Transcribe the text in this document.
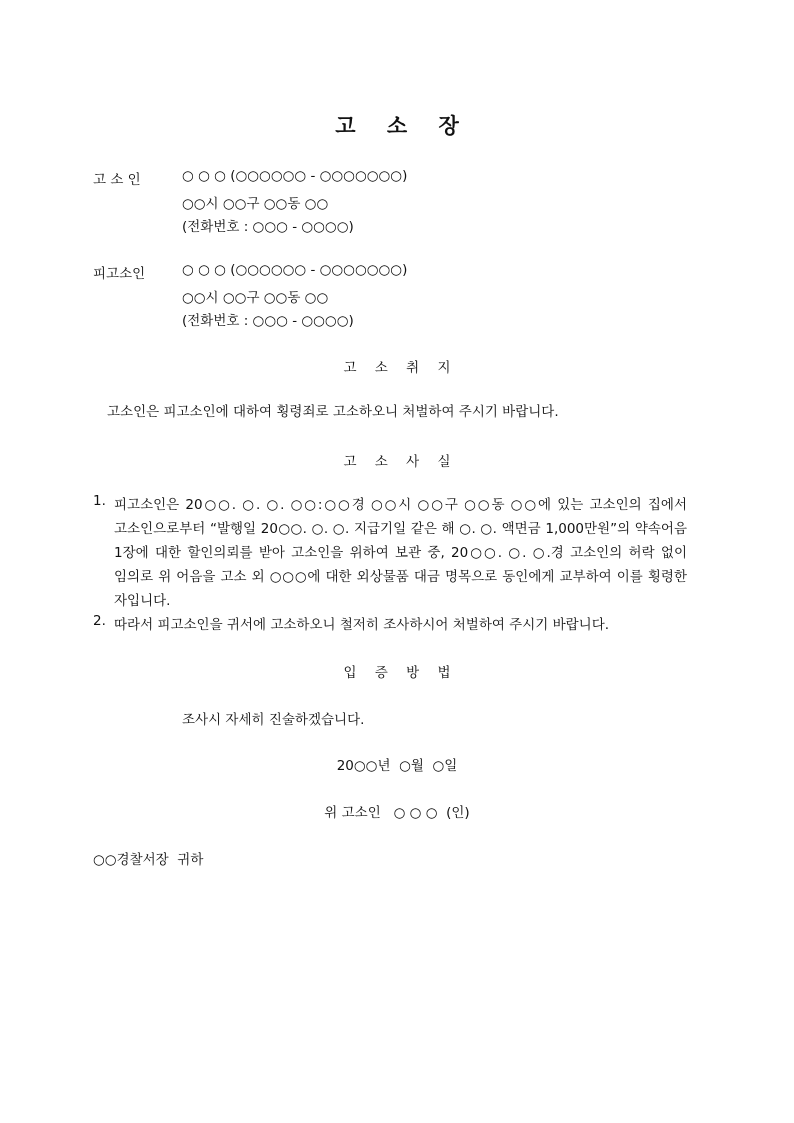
고 소 장
고 소 인	○ ○ ○ (○○○○○○ - ○○○○○○○)
○○시 ○○구 ○○동 ○○
(전화번호 : ○○○ - ○○○○)
피고소인	○ ○ ○ (○○○○○○ - ○○○○○○○)
○○시 ○○구 ○○동 ○○
(전화번호 : ○○○ - ○○○○)
고 소 취 지
고소인은 피고소인에 대하여 횡령죄로 고소하오니 처벌하여 주시기 바랍니다.
고 소 사 실
1. 피고소인은 20○○. ○. ○. ○○:○○경 ○○시 ○○구 ○○동 ○○에 있는 고소인의 집에서 고소인으로부터 “발행일 20○○. ○. ○. 지급기일 같은 해 ○. ○. 액면금 1,000만원”의 약속어음 1장에 대한 할인의뢰를 받아 고소인을 위하여 보관 중, 20○○. ○. ○.경 고소인의 허락 없이 임의로 위 어음을 고소 외 ○○○에 대한 외상물품 대금 명목으로 동인에게 교부하여 이를 횡령한 자입니다.
2. 따라서 피고소인을 귀서에 고소하오니 철저히 조사하시어 처벌하여 주시기 바랍니다.
입 증 방 법
조사시 자세히 진술하겠습니다.
20○○년  ○월  ○일
위 고소인   ○ ○ ○  (인)
○○경찰서장  귀하
